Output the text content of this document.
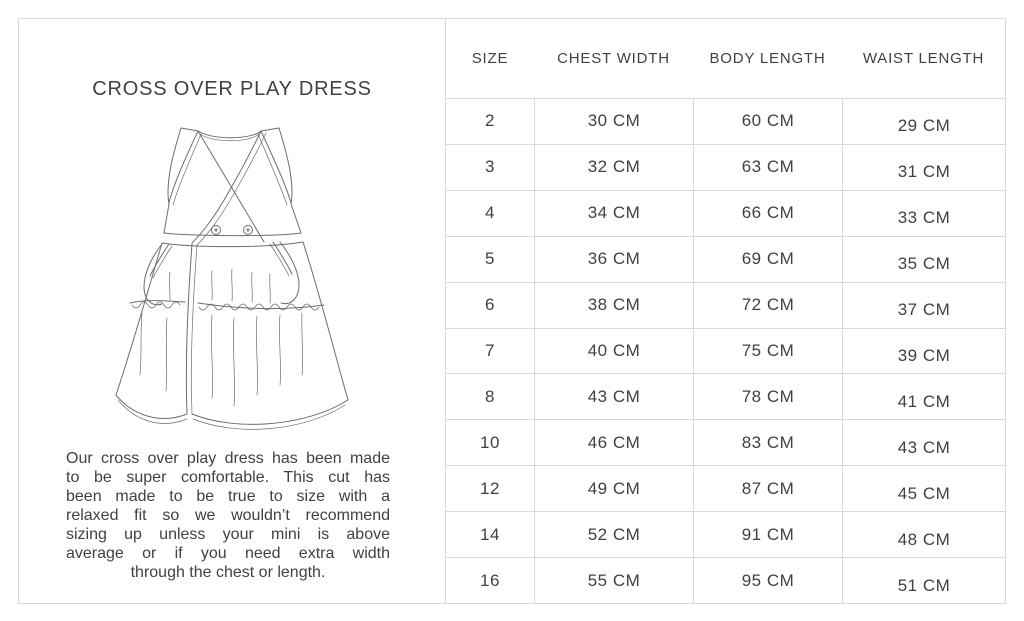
CROSS OVER PLAY DRESS
Our cross over play dress has been made
to be super comfortable. This cut has
been made to be true to size with a
relaxed fit so we wouldn’t recommend
sizing up unless your mini is above
average or if you need extra width
through the chest or length.
SIZE	CHEST WIDTH	BODY LENGTH	WAIST LENGTH
2	30 CM	60 CM	29 CM
3	32 CM	63 CM	31 CM
4	34 CM	66 CM	33 CM
5	36 CM	69 CM	35 CM
6	38 CM	72 CM	37 CM
7	40 CM	75 CM	39 CM
8	43 CM	78 CM	41 CM
10	46 CM	83 CM	43 CM
12	49 CM	87 CM	45 CM
14	52 CM	91 CM	48 CM
16	55 CM	95 CM	51 CM
